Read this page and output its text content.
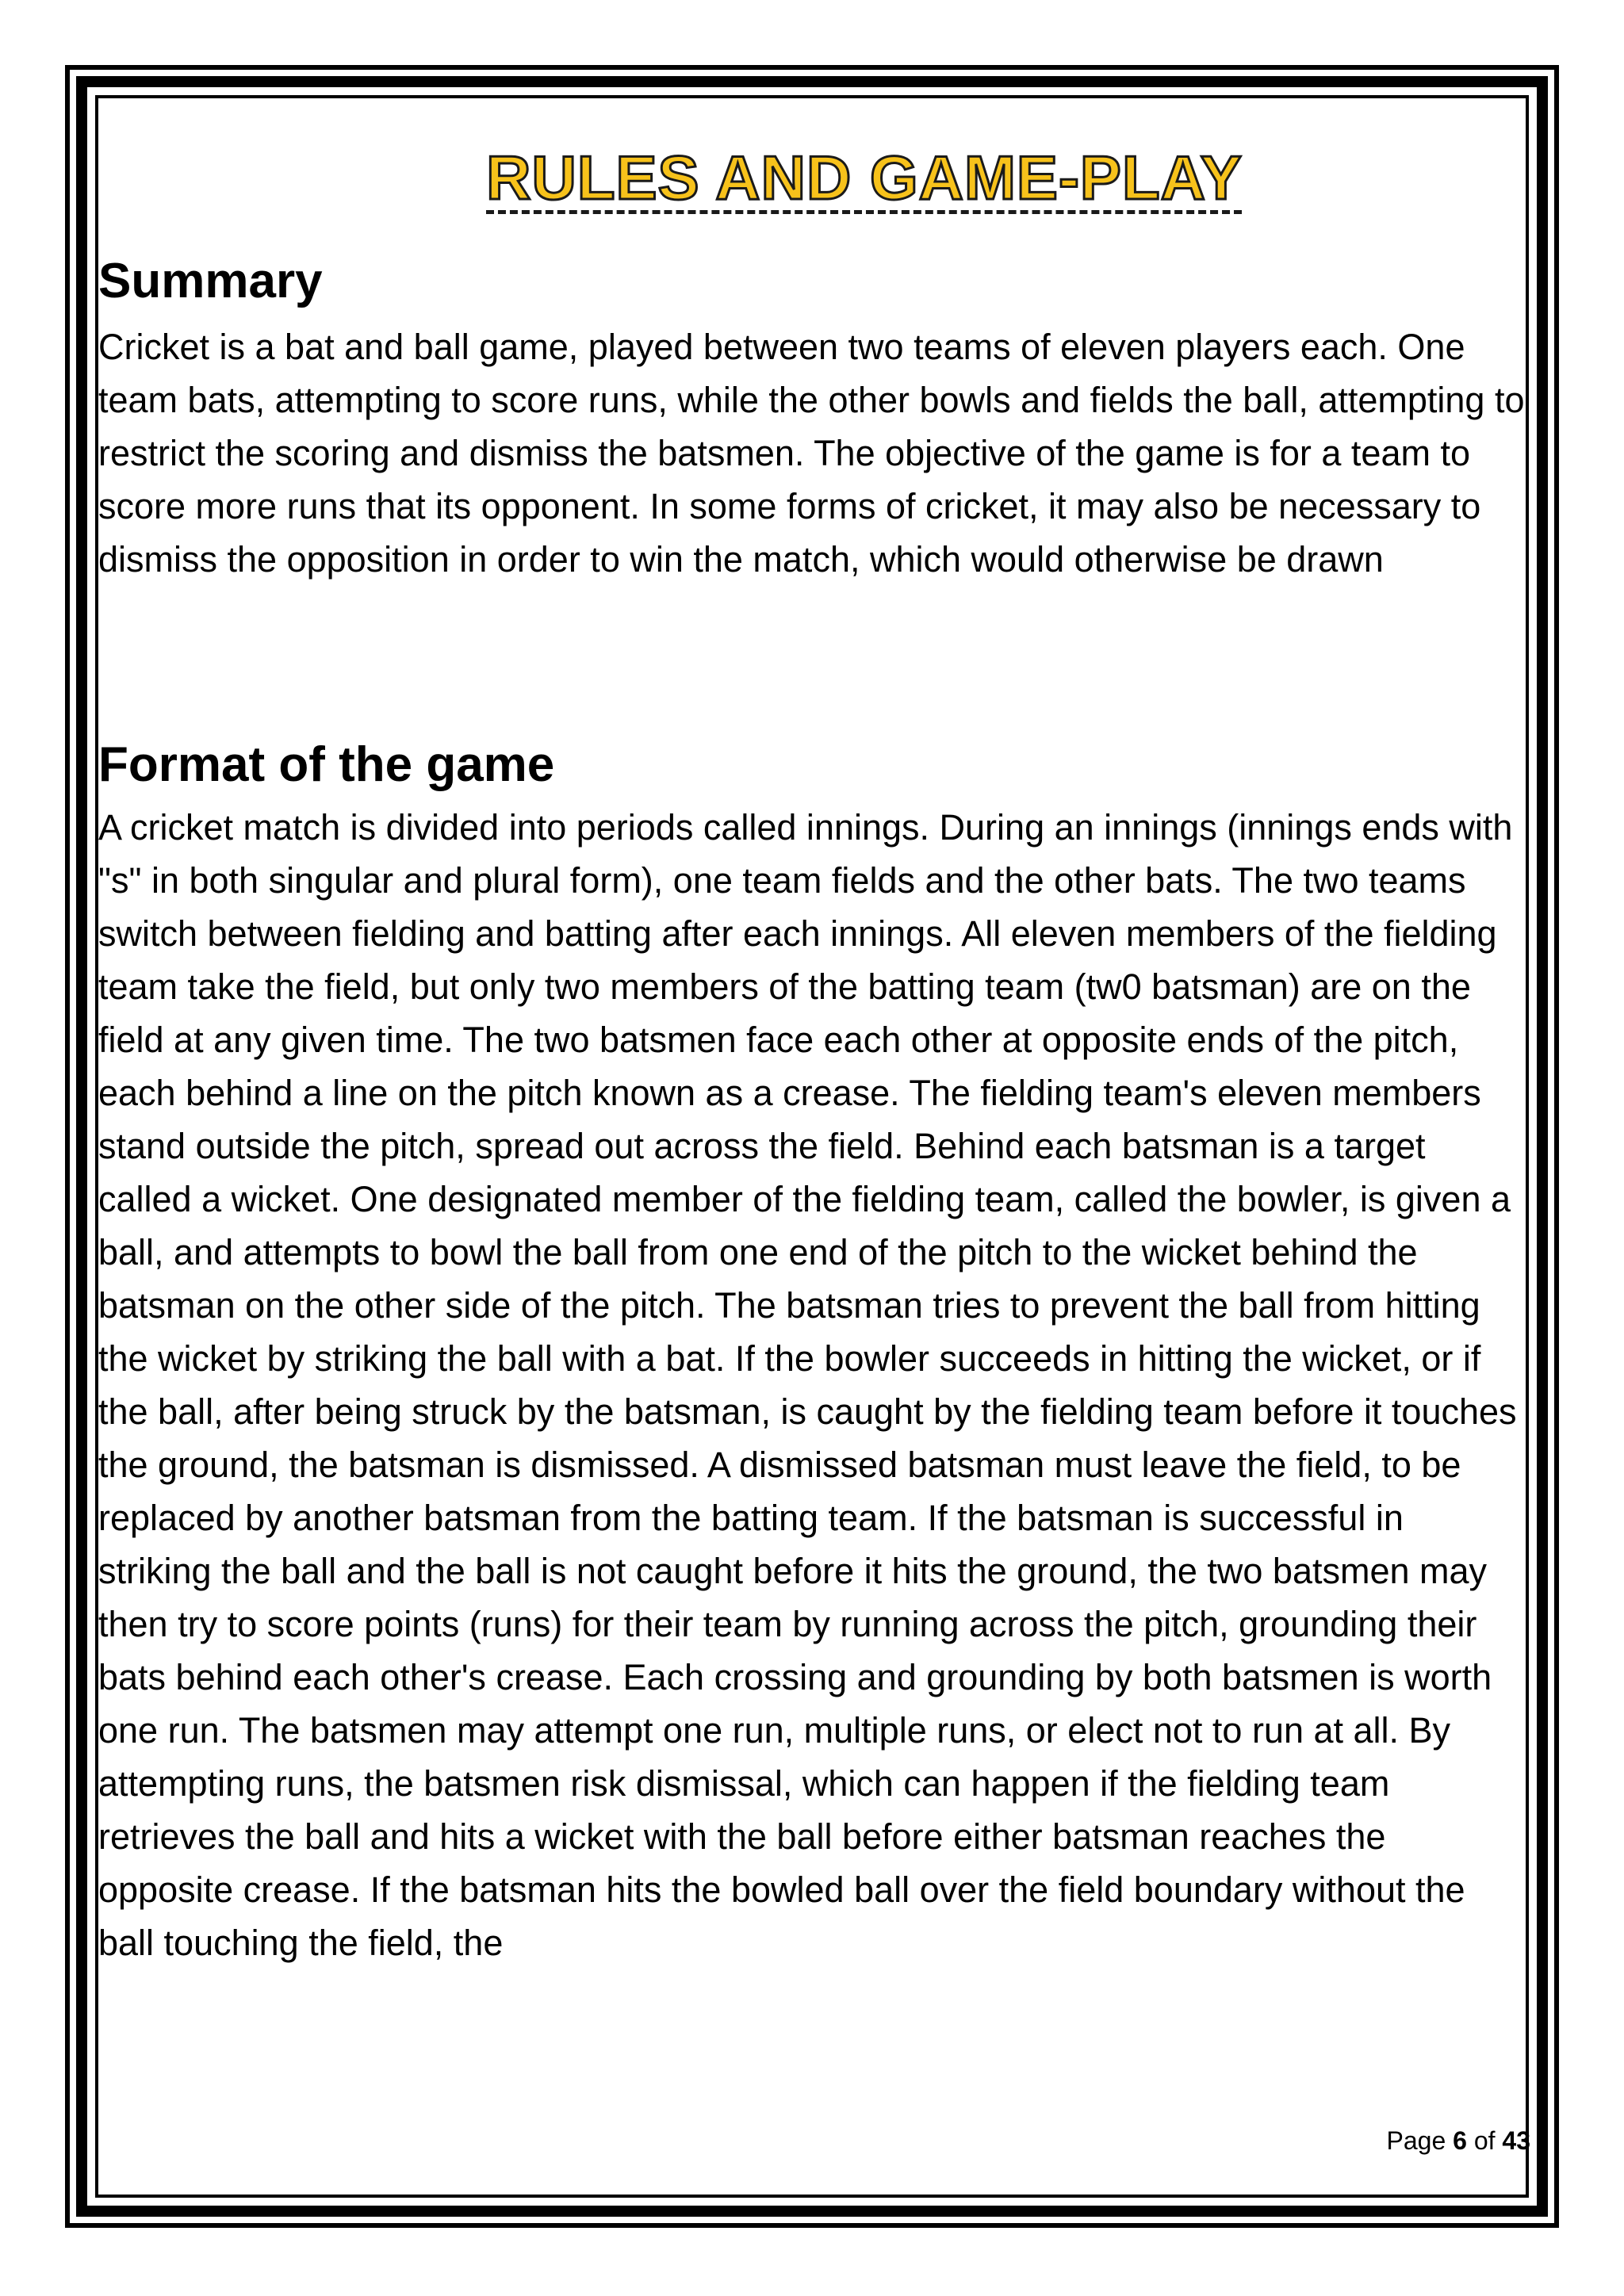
RULES AND GAME-PLAY
Summary

Cricket is a bat and ball game, played between two teams of eleven players each. One team bats, attempting to score runs, while the other bowls and fields the ball, attempting to restrict the scoring and dismiss the batsmen. The objective of the game is for a team to score more runs that its opponent. In some forms of cricket, it may also be necessary to dismiss the opposition in order to win the match, which would otherwise be drawn

Format of the game

A cricket match is divided into periods called innings. During an innings (innings ends with "s" in both singular and plural form), one team fields and the other bats. The two teams switch between fielding and batting after each innings. All eleven members of the fielding team take the field, but only two members of the batting team (tw0 batsman) are on the field at any given time. The two batsmen face each other at opposite ends of the pitch, each behind a line on the pitch known as a crease. The fielding team's eleven members stand outside the pitch, spread out across the field. Behind each batsman is a target called a wicket. One designated member of the fielding team, called the bowler, is given a ball, and attempts to bowl the ball from one end of the pitch to the wicket behind the batsman on the other side of the pitch. The batsman tries to prevent the ball from hitting the wicket by striking the ball with a bat. If the bowler succeeds in hitting the wicket, or if the ball, after being struck by the batsman, is caught by the fielding team before it touches the ground, the batsman is dismissed. A dismissed batsman must leave the field, to be replaced by another batsman from the batting team. If the batsman is successful in striking the ball and the ball is not caught before it hits the ground, the two batsmen may then try to score points (runs) for their team by running across the pitch, grounding their bats behind each other's crease. Each crossing and grounding by both batsmen is worth one run. The batsmen may attempt one run, multiple runs, or elect not to run at all. By attempting runs, the batsmen risk dismissal, which can happen if the fielding team retrieves the ball and hits a wicket with the ball before either batsman reaches the opposite crease. If the batsman hits the bowled ball over the field boundary without the ball touching the field, the

Page 6 of 43
